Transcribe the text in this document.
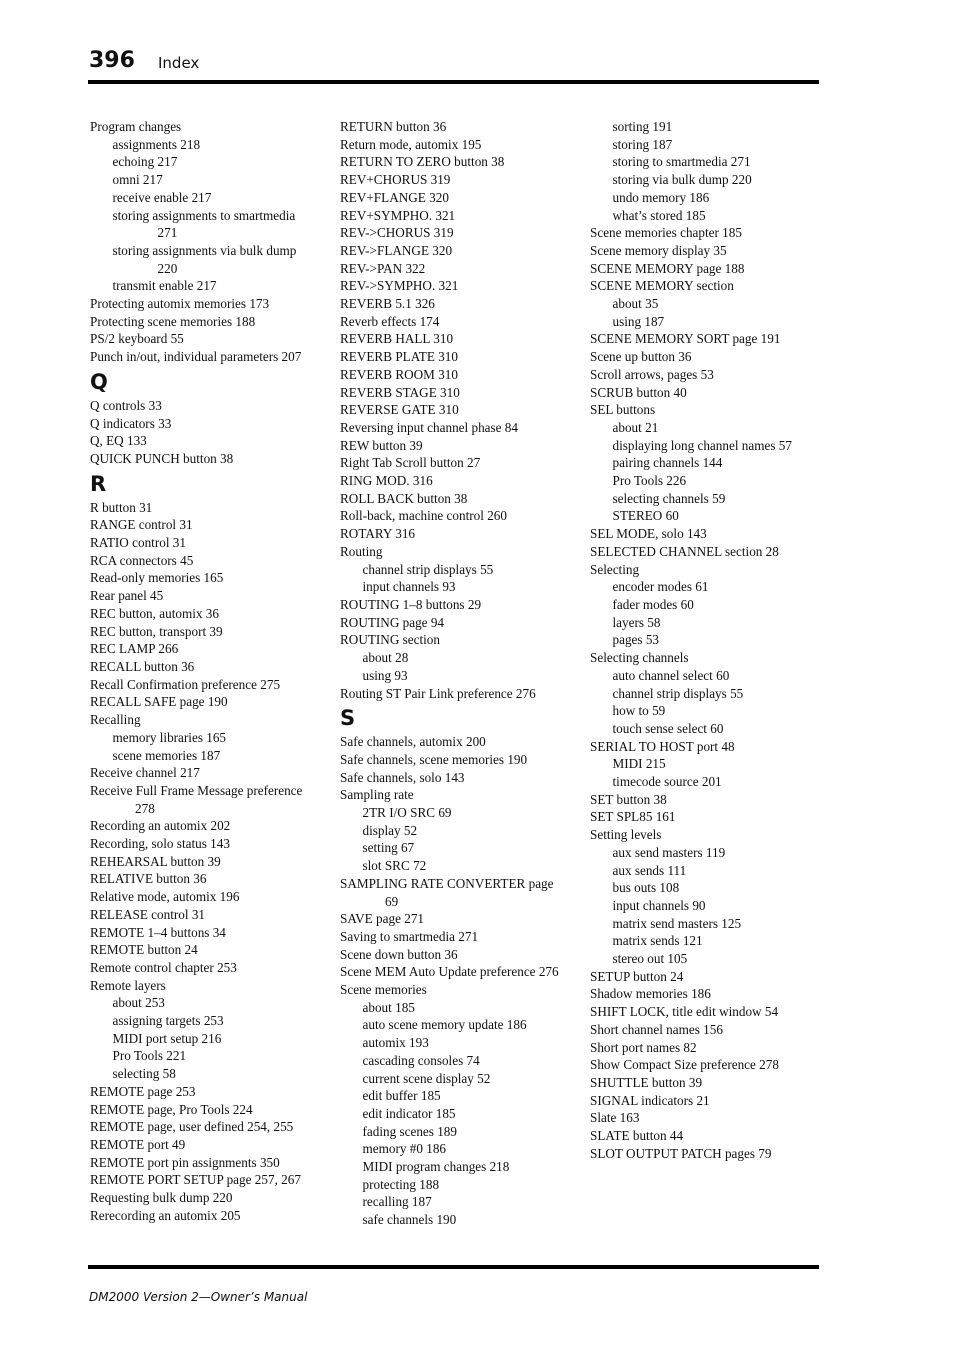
396 Index
Program changes
assignments 218
echoing 217
omni 217
receive enable 217
storing assignments to smartmedia
271
storing assignments via bulk dump
220
transmit enable 217
Protecting automix memories 173
Protecting scene memories 188
PS/2 keyboard 55
Punch in/out, individual parameters 207
Q
Q controls 33
Q indicators 33
Q, EQ 133
QUICK PUNCH button 38
R
R button 31
RANGE control 31
RATIO control 31
RCA connectors 45
Read-only memories 165
Rear panel 45
REC button, automix 36
REC button, transport 39
REC LAMP 266
RECALL button 36
Recall Confirmation preference 275
RECALL SAFE page 190
Recalling
memory libraries 165
scene memories 187
Receive channel 217
Receive Full Frame Message preference
278
Recording an automix 202
Recording, solo status 143
REHEARSAL button 39
RELATIVE button 36
Relative mode, automix 196
RELEASE control 31
REMOTE 1–4 buttons 34
REMOTE button 24
Remote control chapter 253
Remote layers
about 253
assigning targets 253
MIDI port setup 216
Pro Tools 221
selecting 58
REMOTE page 253
REMOTE page, Pro Tools 224
REMOTE page, user defined 254, 255
REMOTE port 49
REMOTE port pin assignments 350
REMOTE PORT SETUP page 257, 267
Requesting bulk dump 220
Rerecording an automix 205
RETURN button 36
Return mode, automix 195
RETURN TO ZERO button 38
REV+CHORUS 319
REV+FLANGE 320
REV+SYMPHO. 321
REV->CHORUS 319
REV->FLANGE 320
REV->PAN 322
REV->SYMPHO. 321
REVERB 5.1 326
Reverb effects 174
REVERB HALL 310
REVERB PLATE 310
REVERB ROOM 310
REVERB STAGE 310
REVERSE GATE 310
Reversing input channel phase 84
REW button 39
Right Tab Scroll button 27
RING MOD. 316
ROLL BACK button 38
Roll-back, machine control 260
ROTARY 316
Routing
channel strip displays 55
input channels 93
ROUTING 1–8 buttons 29
ROUTING page 94
ROUTING section
about 28
using 93
Routing ST Pair Link preference 276
S
Safe channels, automix 200
Safe channels, scene memories 190
Safe channels, solo 143
Sampling rate
2TR I/O SRC 69
display 52
setting 67
slot SRC 72
SAMPLING RATE CONVERTER page
69
SAVE page 271
Saving to smartmedia 271
Scene down button 36
Scene MEM Auto Update preference 276
Scene memories
about 185
auto scene memory update 186
automix 193
cascading consoles 74
current scene display 52
edit buffer 185
edit indicator 185
fading scenes 189
memory #0 186
MIDI program changes 218
protecting 188
recalling 187
safe channels 190
sorting 191
storing 187
storing to smartmedia 271
storing via bulk dump 220
undo memory 186
what’s stored 185
Scene memories chapter 185
Scene memory display 35
SCENE MEMORY page 188
SCENE MEMORY section
about 35
using 187
SCENE MEMORY SORT page 191
Scene up button 36
Scroll arrows, pages 53
SCRUB button 40
SEL buttons
about 21
displaying long channel names 57
pairing channels 144
Pro Tools 226
selecting channels 59
STEREO 60
SEL MODE, solo 143
SELECTED CHANNEL section 28
Selecting
encoder modes 61
fader modes 60
layers 58
pages 53
Selecting channels
auto channel select 60
channel strip displays 55
how to 59
touch sense select 60
SERIAL TO HOST port 48
MIDI 215
timecode source 201
SET button 38
SET SPL85 161
Setting levels
aux send masters 119
aux sends 111
bus outs 108
input channels 90
matrix send masters 125
matrix sends 121
stereo out 105
SETUP button 24
Shadow memories 186
SHIFT LOCK, title edit window 54
Short channel names 156
Short port names 82
Show Compact Size preference 278
SHUTTLE button 39
SIGNAL indicators 21
Slate 163
SLATE button 44
SLOT OUTPUT PATCH pages 79
DM2000 Version 2—Owner’s Manual
